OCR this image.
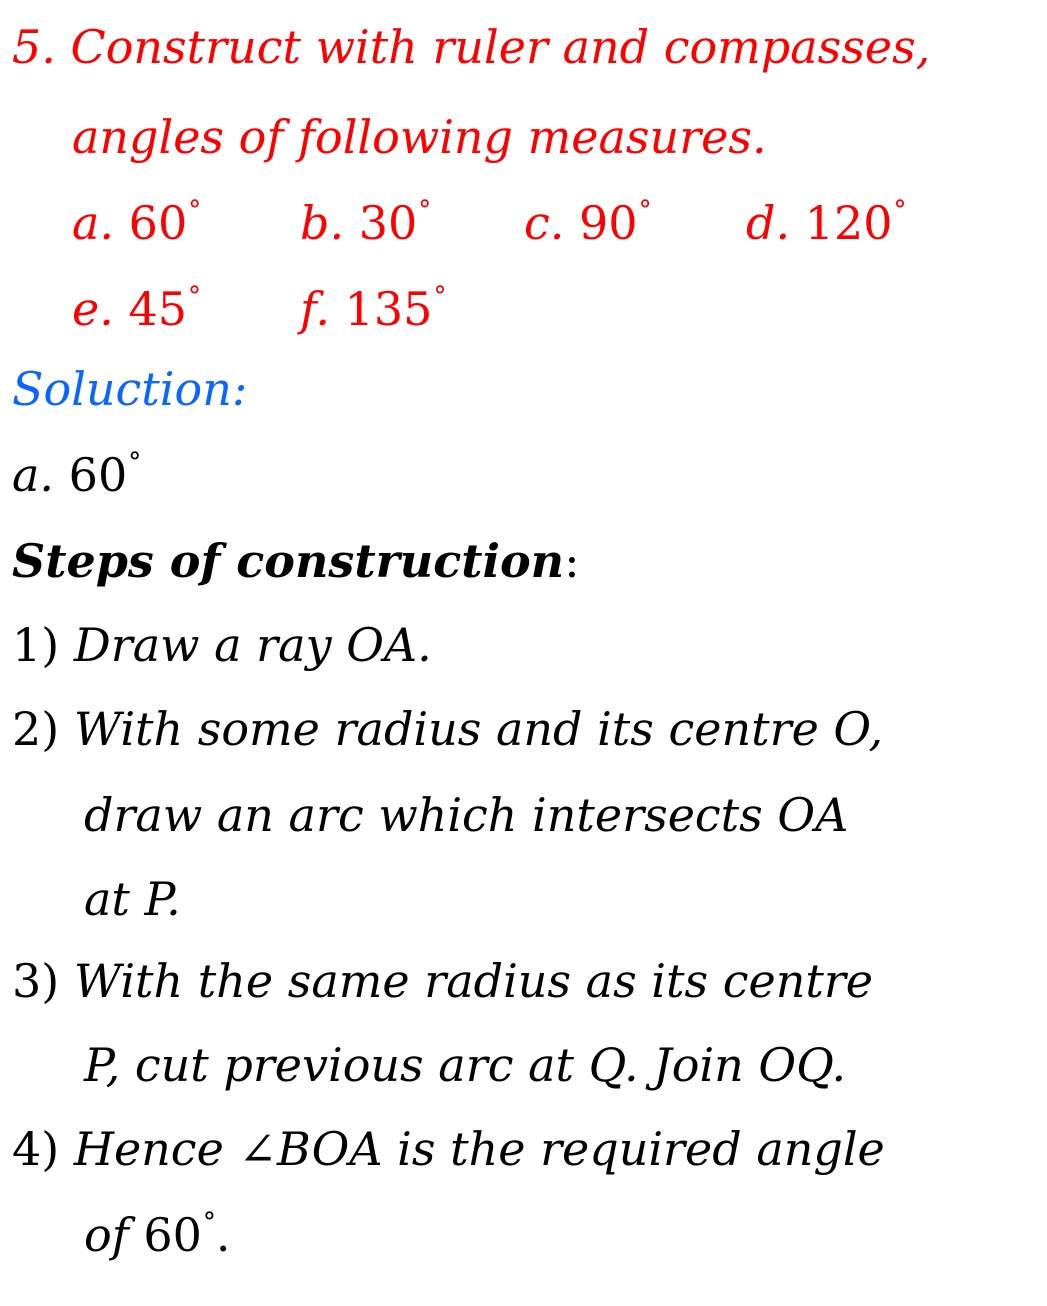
5. Construct with ruler and compasses,
angles of following measures.
a. 60° b. 30° c. 90° d. 120°
e. 45° f. 135°
Soluction:
a. 60°
Steps of construction:
1) Draw a ray OA.
2) With some radius and its centre O,
draw an arc which intersects OA
at P.
3) With the same radius as its centre
P, cut previous arc at Q. Join OQ.
4) Hence ∠BOA is the required angle
of 60°.
